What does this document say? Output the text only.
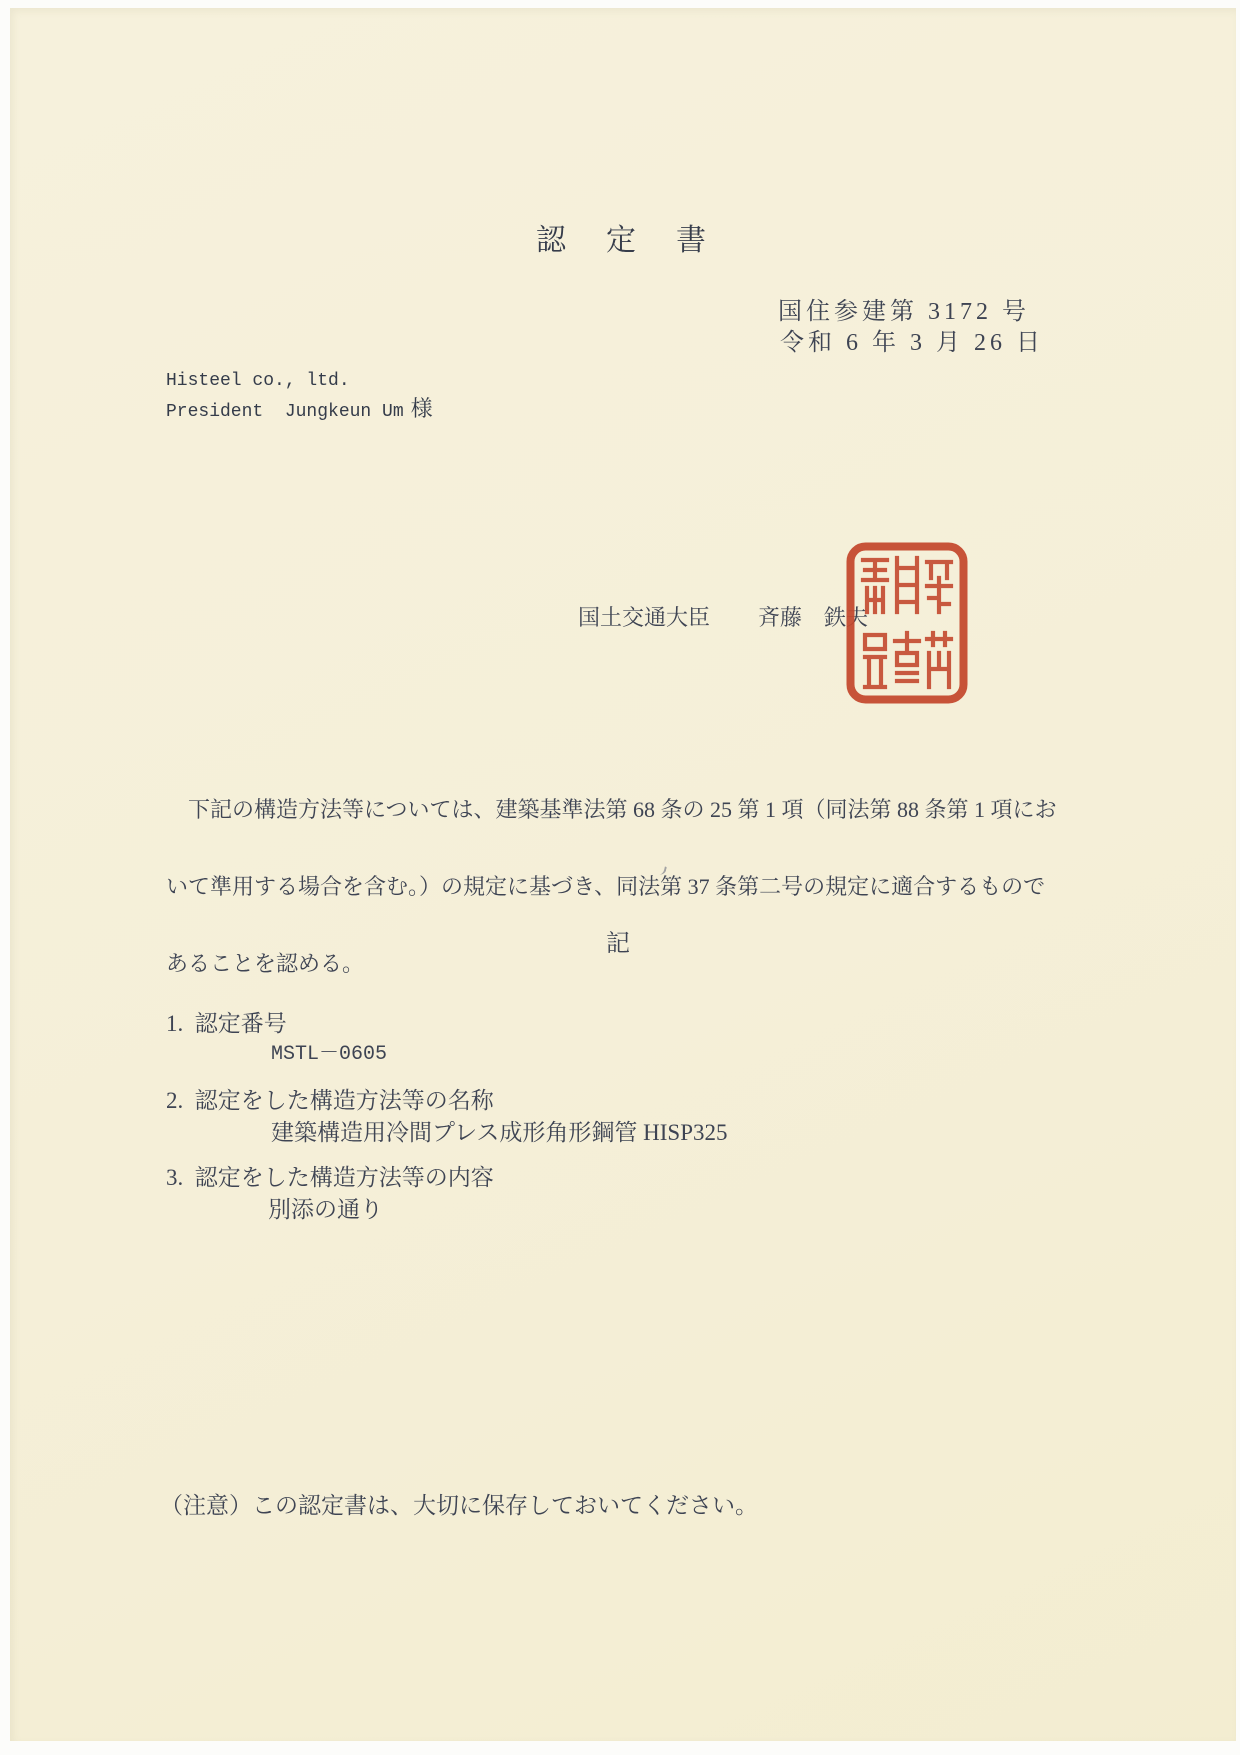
認　定　書
国住参建第 3172 号
令和 6 年 3 月 26 日
Histeel co., ltd.
President  Jungkeun Um 様
国土交通大臣 斉藤　鉄夫

　下記の構造方法等については、建築基準法第 68 条の 25 第 1 項（同法第 88 条第 1 項にお

いて準用する場合を含む。）の規定に基づき、同法第 37 条第二号の規定に適合するもので

あることを認める。

記
1.  認定番号
MSTL－0605
2.  認定をした構造方法等の名称
建築構造用冷間プレス成形角形鋼管 HISP325
3.  認定をした構造方法等の内容
別添の通り
（注意）この認定書は、大切に保存しておいてください。
